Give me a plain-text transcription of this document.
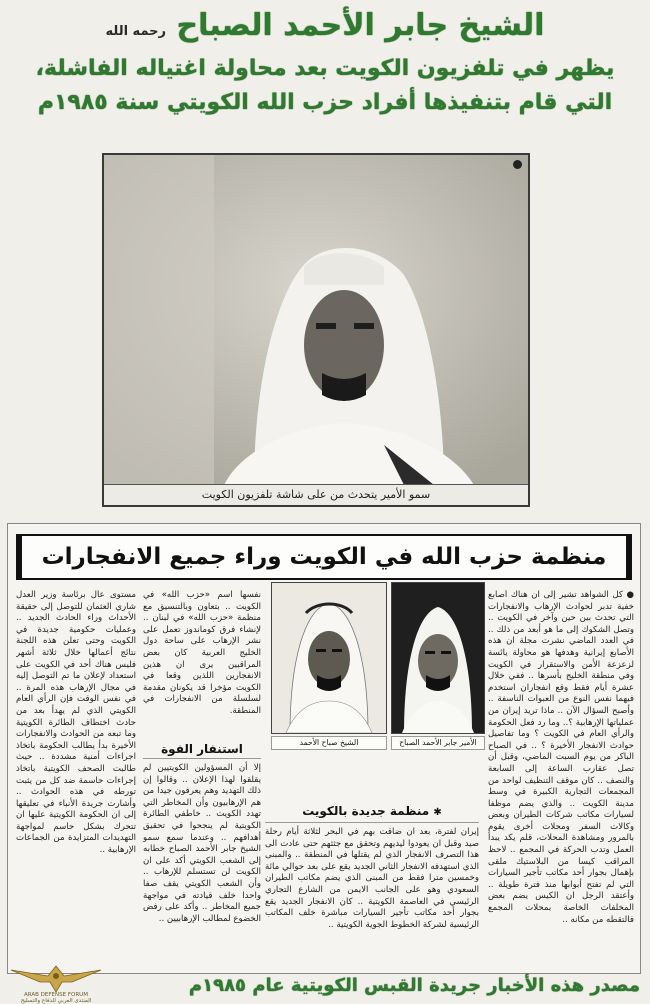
الشيخ جابر الأحمد الصباح رحمه الله
يظهر في تلفزيون الكويت بعد محاولة اغتياله الفاشلة،
التي قام بتنفيذها أفراد حزب الله الكويتي سنة ١٩٨٥م
سمو الأمير يتحدث من على شاشة تلفزيون الكويت
منظمة حزب الله في الكويت وراء جميع الانفجارات
الأمير جابر الأحمد الصباح
الشيخ صباح الأحمد

● كل الشواهد تشير إلى ان هناك أصابع خفية تدبر لحوادث الإرهاب والانفجارات التي تحدث بين حين وآخر في الكويت .. وتصل الشكوك إلى ما هو أبعد من ذلك .. في العدد الماضي نشرت مجلة ان هذه الأصابع إيرانية وهدفها هو محاولة يائسة لزعزعة الأمن والاستقرار في الكويت وفي منطقة الخليج بأسرها .. ففي خلال عشرة أيام فقط وقع انفجاران استخدم فيهما نفس النوع من العبوات الناسفة .. وأصبح السؤال الآن .. ماذا تريد إيران من عملياتها الإرهابية ؟.. وما رد فعل الحكومة والرأي العام في الكويت ؟ وما تفاصيل حوادث الانفجار الأخيرة ؟ .. في الصباح الباكر من يوم السبت الماضي، وقبل أن تصل عقارب الساعة إلى السابعة والنصف .. كان موقف التنظيف لواحد من المجمعات التجارية الكبيرة في وسط مدينة الكويت .. والذي يضم موظفا لسيارات مكاتب شركات الطيران وبعض وكالات السفر ومحلات أخرى يقوم بالمرور ومشاهدة المحلات، قلم يكد يبدأ العمل وتدب الحركة في المجمع .. لاحظ المراقب كيسا من البلاستيك ملقى بإهمال بجوار أحد مكاتب تأجير السيارات التي لم تفتح أبوابها منذ فترة طويلة .. وأعتقد الرجل ان الكيس يضم بعض المخلفات الخاصة بمحلات المجمع فالتقطه من مكانه ..

✱ منظمة جديدة بالكويت

إيران لفترة، بعد ان ضاقت بهم في البحر لثلاثة أيام رحلة صيد وقبل ان يعودوا ليديهم وتحقق مع جثثهم حتى عادت الى هذا التصرف الانفجار الذي لم يقتلها في المنطقة .. والمبنى الذي استهدفه الانفجار الثاني الجديد يقع على بعد حوالي مائة وخمسين مترا فقط من المبنى الذي يضم مكاتب الطيران السعودي وهو على الجانب الايمن من الشارع التجاري الرئيسي في العاصمة الكويتية .. كان الانفجار الجديد يقع بجوار أحد مكاتب تأجير السيارات مباشرة خلف المكاتب الرئيسية لشركة الخطوط الجوية الكويتية ..

نفسها اسم «حزب الله» في الكويت .. بتعاون وبالتنسيق مع منظمة «حزب الله» في لبنان .. لإنشاء فرق كوماندوز تعمل على نشر الإرهاب على ساحة دول الخليج العربية كان بعض المراقبين يرى ان هذين الانفجارين اللذين وقعا في الكويت مؤخرا قد يكونان مقدمة لسلسلة من الانفجارات في المنطقة.

استنفار الفوة

إلا أن المسؤولين الكويتيين لم يقلقوا لهذا الإعلان .. وقالوا إن ذلك التهديد وهم يعرفون جيدا من هم الإرهابيون وأن المخاطر التي تهدد الكويت .. خاطفي الطائرة الكويتية لم ينجحوا في تحقيق أهدافهم .. وعندما سمع سمو الشيخ جابر الأحمد الصباح خطابه إلى الشعب الكويتي أكد على ان الكويت لن تستسلم للإرهاب .. وأن الشعب الكويتي يقف صفا واحدا خلف قيادته في مواجهة جميع المخاطر .. وأكد على رفض الخضوع لمطالب الإرهابيين ..

مستوى عال برئاسة وزير العدل شاري العثمان للتوصل إلى حقيقة الأحداث وراء الحادث الجديد .. وعمليات حكومية جديدة في الكويت وحتى تعلن هذه اللجنة نتائج أعمالها خلال ثلاثة أشهر فليس هناك أحد في الكويت على استعداد لإعلان ما تم التوصل إليه في مجال الإرهاب هذه المرة .. في نفس الوقت فإن الرأي العام الكويتي الذي لم يهدأ بعد من حادث اختطاف الطائرة الكويتية وما تبعه من الحوادث والانفجارات الأخيرة بدأ يطالب الحكومة باتخاذ اجراءات أمنية مشددة .. حيث طالبت الصحف الكويتية باتخاذ إجراءات حاسمة ضد كل من يثبت تورطه في هذه الحوادث .. وأشارت جريدة الأنباء في تعليقها إلى ان الحكومة الكويتية عليها ان تتحرك بشكل حاسم لمواجهة التهديدات المتزايدة من الجماعات الإرهابية ..

ARAB DEFENSE FORUM
المنتدى العربي للدفاع والتسليح
مصدر هذه الأخبار جريدة القبس الكويتية عام ١٩٨٥م
